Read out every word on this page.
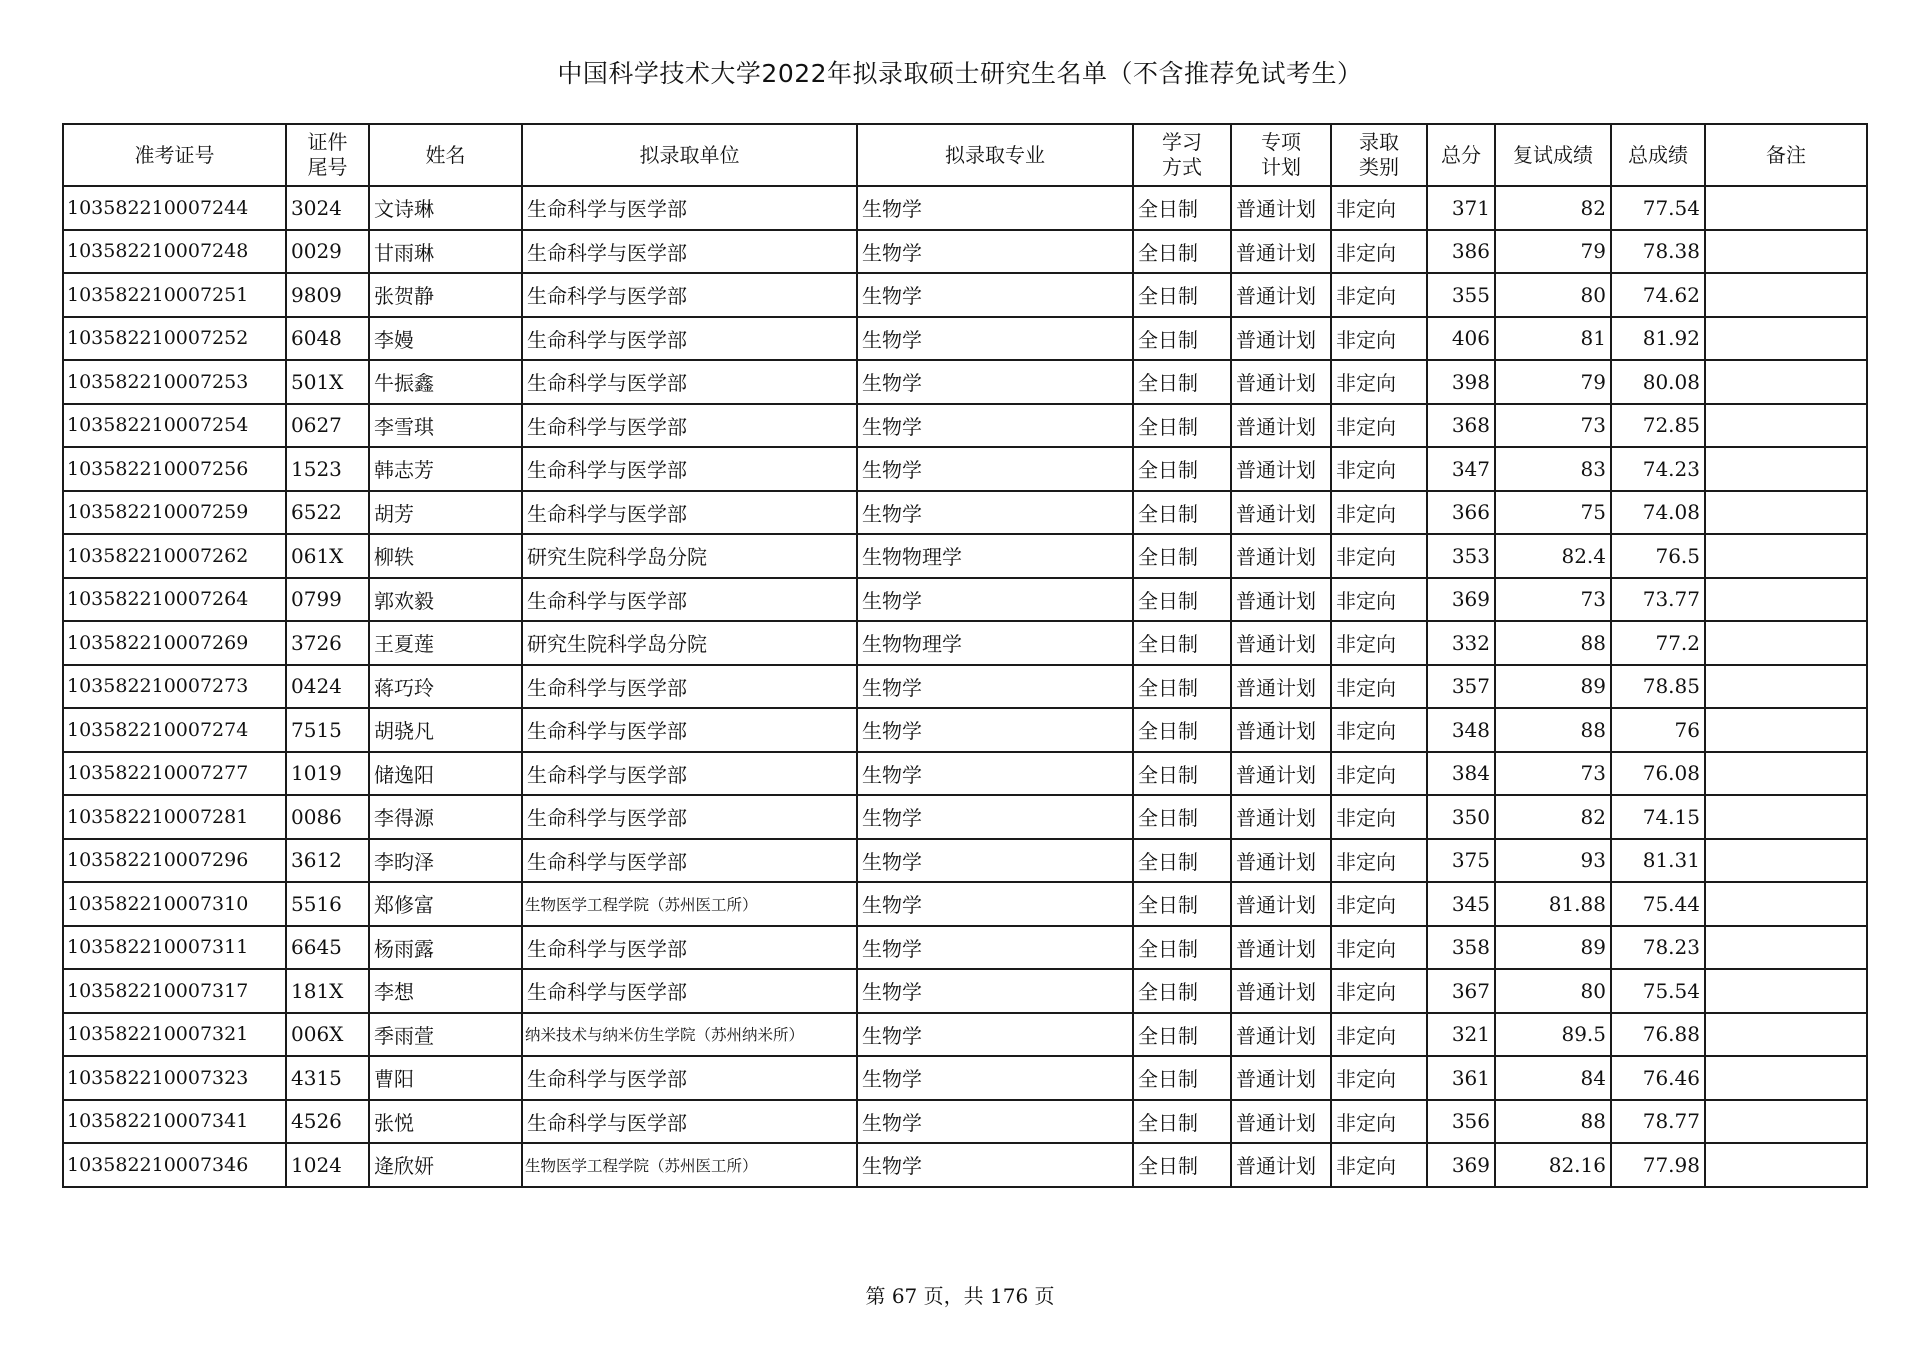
中国科学技术大学2022年拟录取硕士研究生名单（不含推荐免试考生）
准考证号	证件尾号	姓名	拟录取单位	拟录取专业	学习方式	专项计划	录取类别	总分	复试成绩	总成绩	备注
103582210007244	3024	文诗琳	生命科学与医学部	生物学	全日制	普通计划	非定向	371	82	77.54	
103582210007248	0029	甘雨琳	生命科学与医学部	生物学	全日制	普通计划	非定向	386	79	78.38	
103582210007251	9809	张贺静	生命科学与医学部	生物学	全日制	普通计划	非定向	355	80	74.62	
103582210007252	6048	李嫚	生命科学与医学部	生物学	全日制	普通计划	非定向	406	81	81.92	
103582210007253	501X	牛振鑫	生命科学与医学部	生物学	全日制	普通计划	非定向	398	79	80.08	
103582210007254	0627	李雪琪	生命科学与医学部	生物学	全日制	普通计划	非定向	368	73	72.85	
103582210007256	1523	韩志芳	生命科学与医学部	生物学	全日制	普通计划	非定向	347	83	74.23	
103582210007259	6522	胡芳	生命科学与医学部	生物学	全日制	普通计划	非定向	366	75	74.08	
103582210007262	061X	柳轶	研究生院科学岛分院	生物物理学	全日制	普通计划	非定向	353	82.4	76.5	
103582210007264	0799	郭欢毅	生命科学与医学部	生物学	全日制	普通计划	非定向	369	73	73.77	
103582210007269	3726	王夏莲	研究生院科学岛分院	生物物理学	全日制	普通计划	非定向	332	88	77.2	
103582210007273	0424	蒋巧玲	生命科学与医学部	生物学	全日制	普通计划	非定向	357	89	78.85	
103582210007274	7515	胡骁凡	生命科学与医学部	生物学	全日制	普通计划	非定向	348	88	76	
103582210007277	1019	储逸阳	生命科学与医学部	生物学	全日制	普通计划	非定向	384	73	76.08	
103582210007281	0086	李得源	生命科学与医学部	生物学	全日制	普通计划	非定向	350	82	74.15	
103582210007296	3612	李昀泽	生命科学与医学部	生物学	全日制	普通计划	非定向	375	93	81.31	
103582210007310	5516	郑修富	生物医学工程学院（苏州医工所）	生物学	全日制	普通计划	非定向	345	81.88	75.44	
103582210007311	6645	杨雨露	生命科学与医学部	生物学	全日制	普通计划	非定向	358	89	78.23	
103582210007317	181X	李想	生命科学与医学部	生物学	全日制	普通计划	非定向	367	80	75.54	
103582210007321	006X	季雨萱	纳米技术与纳米仿生学院（苏州纳米所）	生物学	全日制	普通计划	非定向	321	89.5	76.88	
103582210007323	4315	曹阳	生命科学与医学部	生物学	全日制	普通计划	非定向	361	84	76.46	
103582210007341	4526	张悦	生命科学与医学部	生物学	全日制	普通计划	非定向	356	88	78.77	
103582210007346	1024	逄欣妍	生物医学工程学院（苏州医工所）	生物学	全日制	普通计划	非定向	369	82.16	77.98	
第 67 页，共 176 页
